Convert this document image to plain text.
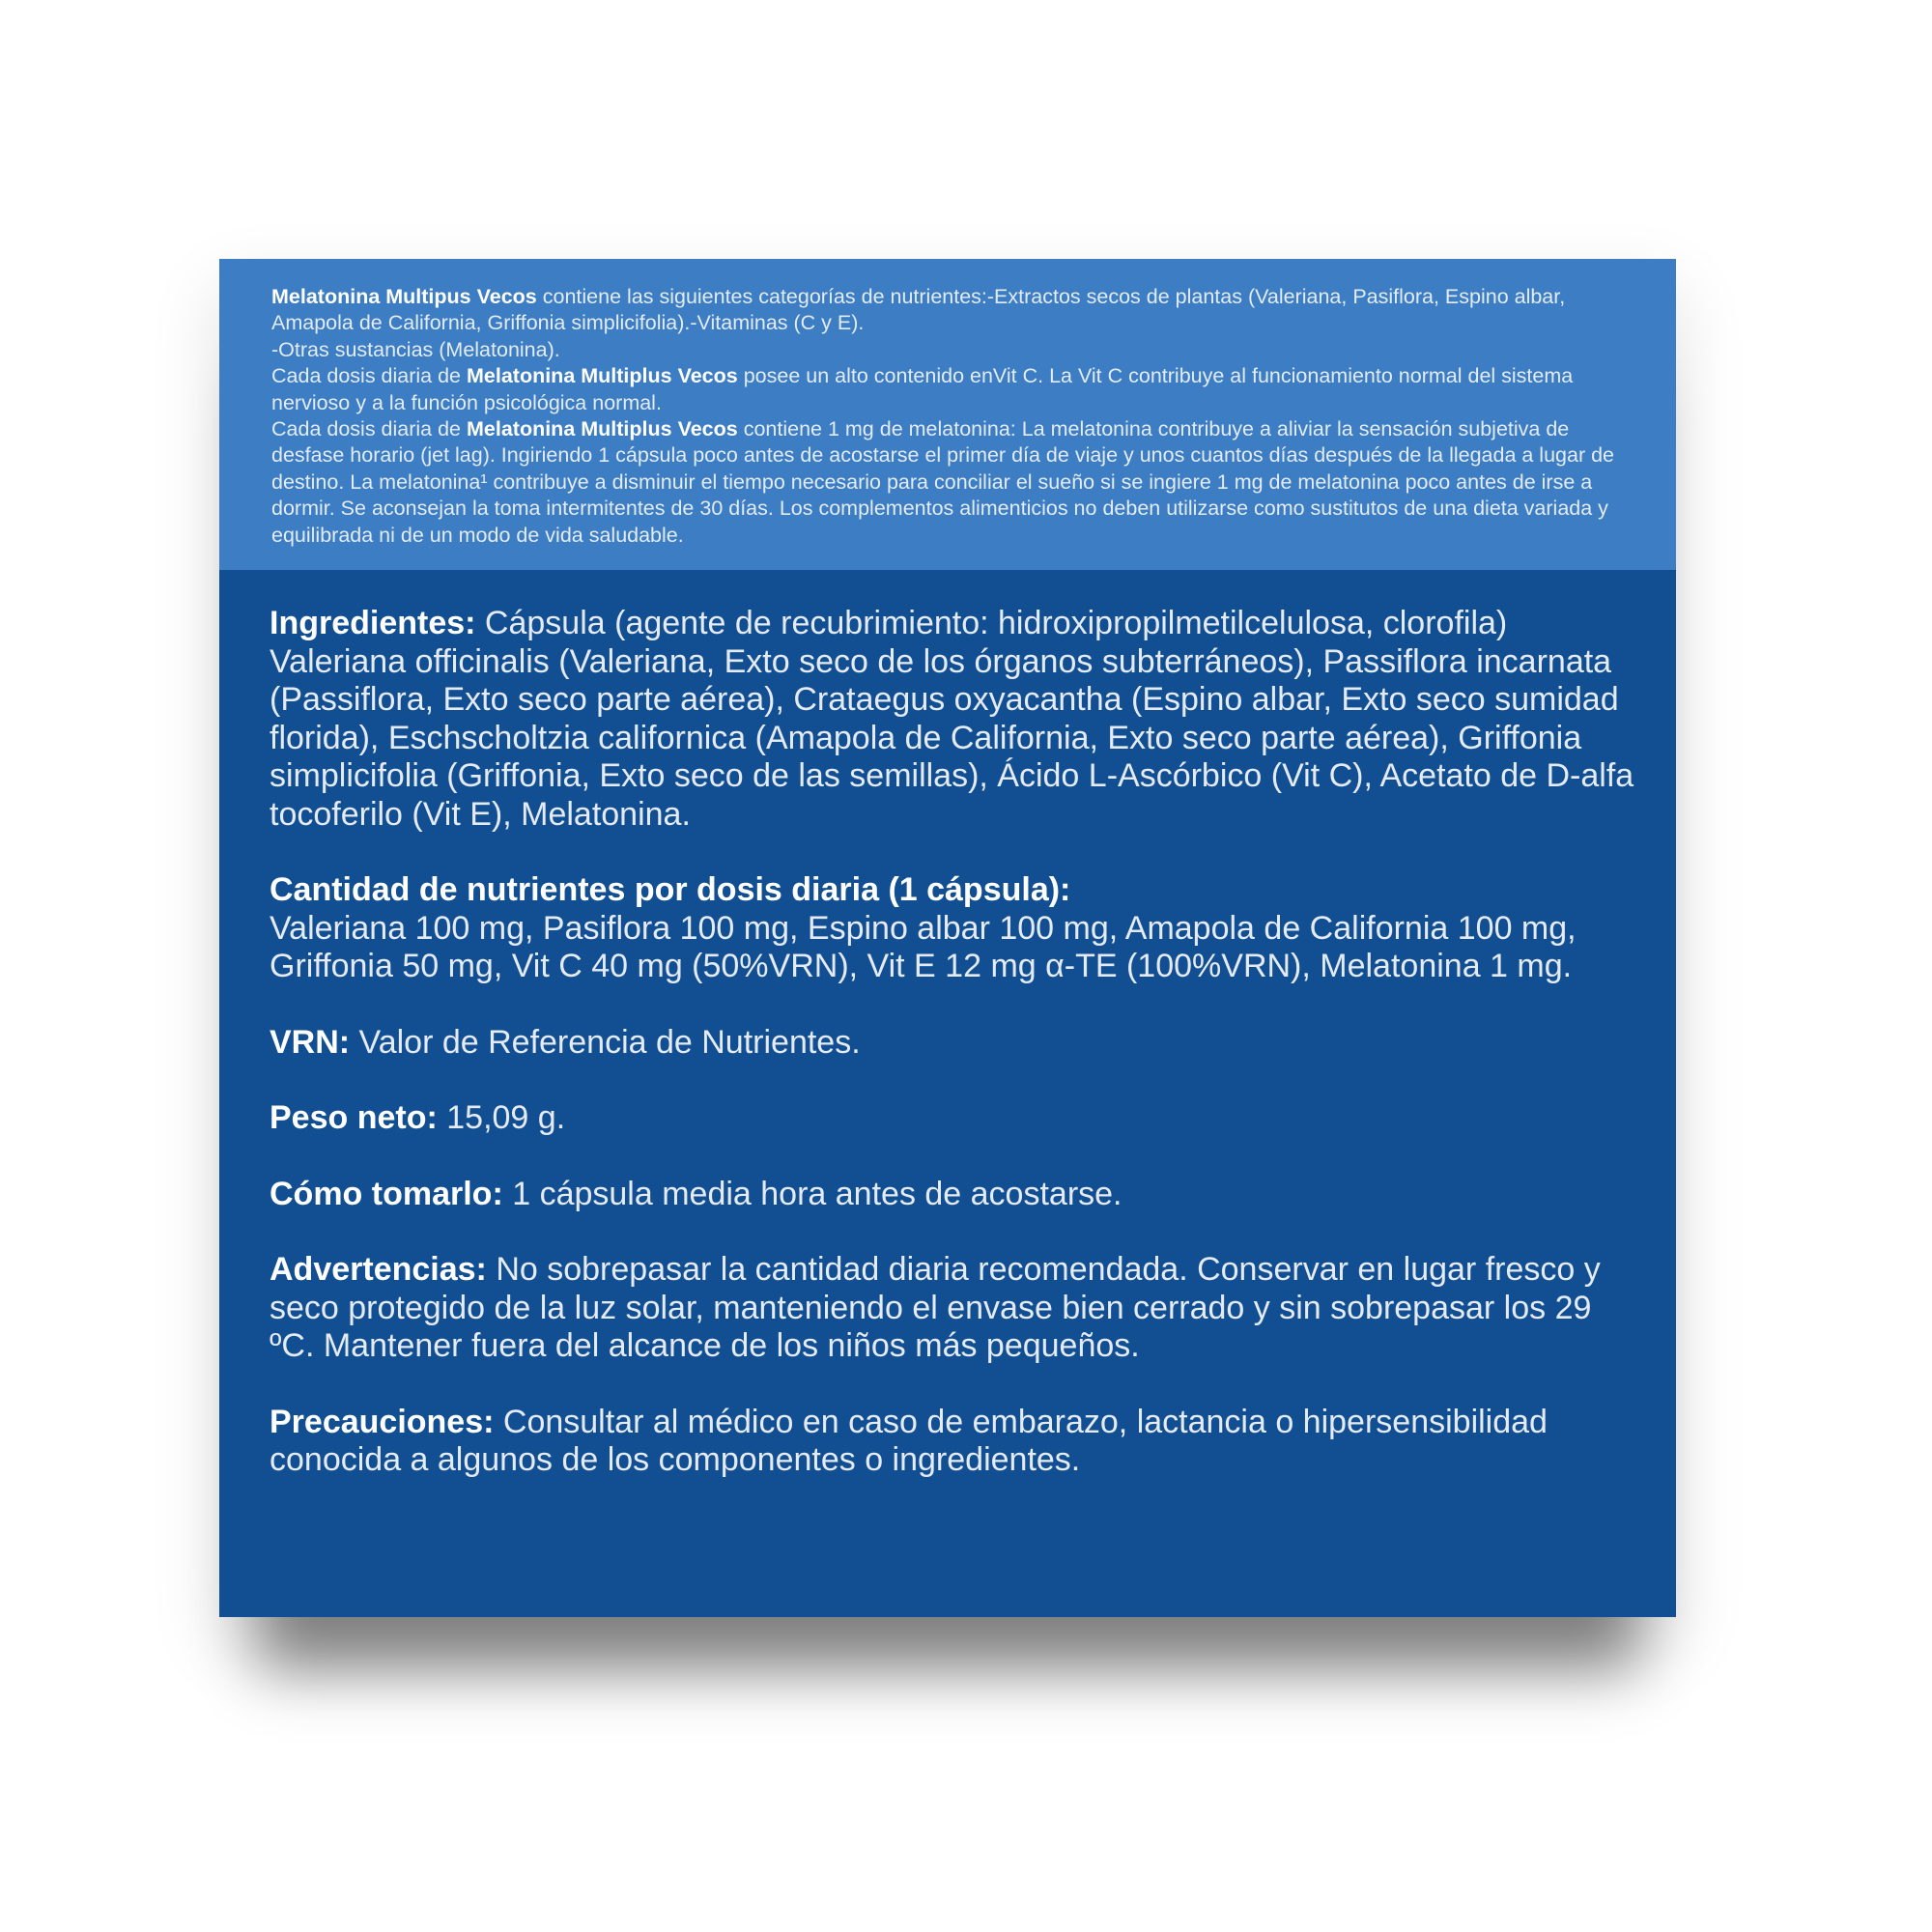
Melatonina Multipus Vecos contiene las siguientes categorías de nutrientes:-Extractos secos de plantas (Valeriana, Pasiflora, Espino albar, Amapola de California, Griffonia simplicifolia).-Vitaminas (C y E).

-Otras sustancias (Melatonina).

Cada dosis diaria de Melatonina Multiplus Vecos posee un alto contenido enVit C. La Vit C contribuye al funcionamiento normal del sistema nervioso y a la función psicológica normal.

Cada dosis diaria de Melatonina Multiplus Vecos contiene 1 mg de melatonina: La melatonina contribuye a aliviar la sensación subjetiva de desfase horario (jet lag). Ingiriendo 1 cápsula poco antes de acostarse el primer día de viaje y unos cuantos días después de la llegada a lugar de destino. La melatonina¹ contribuye a disminuir el tiempo necesario para conciliar el sueño si se ingiere 1 mg de melatonina poco antes de irse a dormir. Se aconsejan la toma intermitentes de 30 días. Los complementos alimenticios no deben utilizarse como sustitutos de una dieta variada y equilibrada ni de un modo de vida saludable.

Ingredientes: Cápsula (agente de recubrimiento: hidroxipropilmetilcelulosa, clorofila) Valeriana officinalis (Valeriana, Exto seco de los órganos subterráneos), Passiflora incarnata (Passiflora, Exto seco parte aérea), Crataegus oxyacantha (Espino albar, Exto seco sumidad florida), Eschscholtzia californica (Amapola de California, Exto seco parte aérea), Griffonia simplicifolia (Griffonia, Exto seco de las semillas), Ácido L-Ascórbico (Vit C), Acetato de D-alfa tocoferilo (Vit E), Melatonina.

Cantidad de nutrientes por dosis diaria (1 cápsula):
Valeriana 100 mg, Pasiflora 100 mg, Espino albar 100 mg, Amapola de California 100 mg, Griffonia 50 mg, Vit C 40 mg (50%VRN), Vit E 12 mg α-TE (100%VRN), Melatonina 1 mg.

VRN: Valor de Referencia de Nutrientes.

Peso neto: 15,09 g.

Cómo tomarlo: 1 cápsula media hora antes de acostarse.

Advertencias: No sobrepasar la cantidad diaria recomendada. Conservar en lugar fresco y seco protegido de la luz solar, manteniendo el envase bien cerrado y sin sobrepasar los 29 ºC. Mantener fuera del alcance de los niños más pequeños.

Precauciones: Consultar al médico en caso de embarazo, lactancia o hipersensibilidad conocida a algunos de los componentes o ingredientes.
